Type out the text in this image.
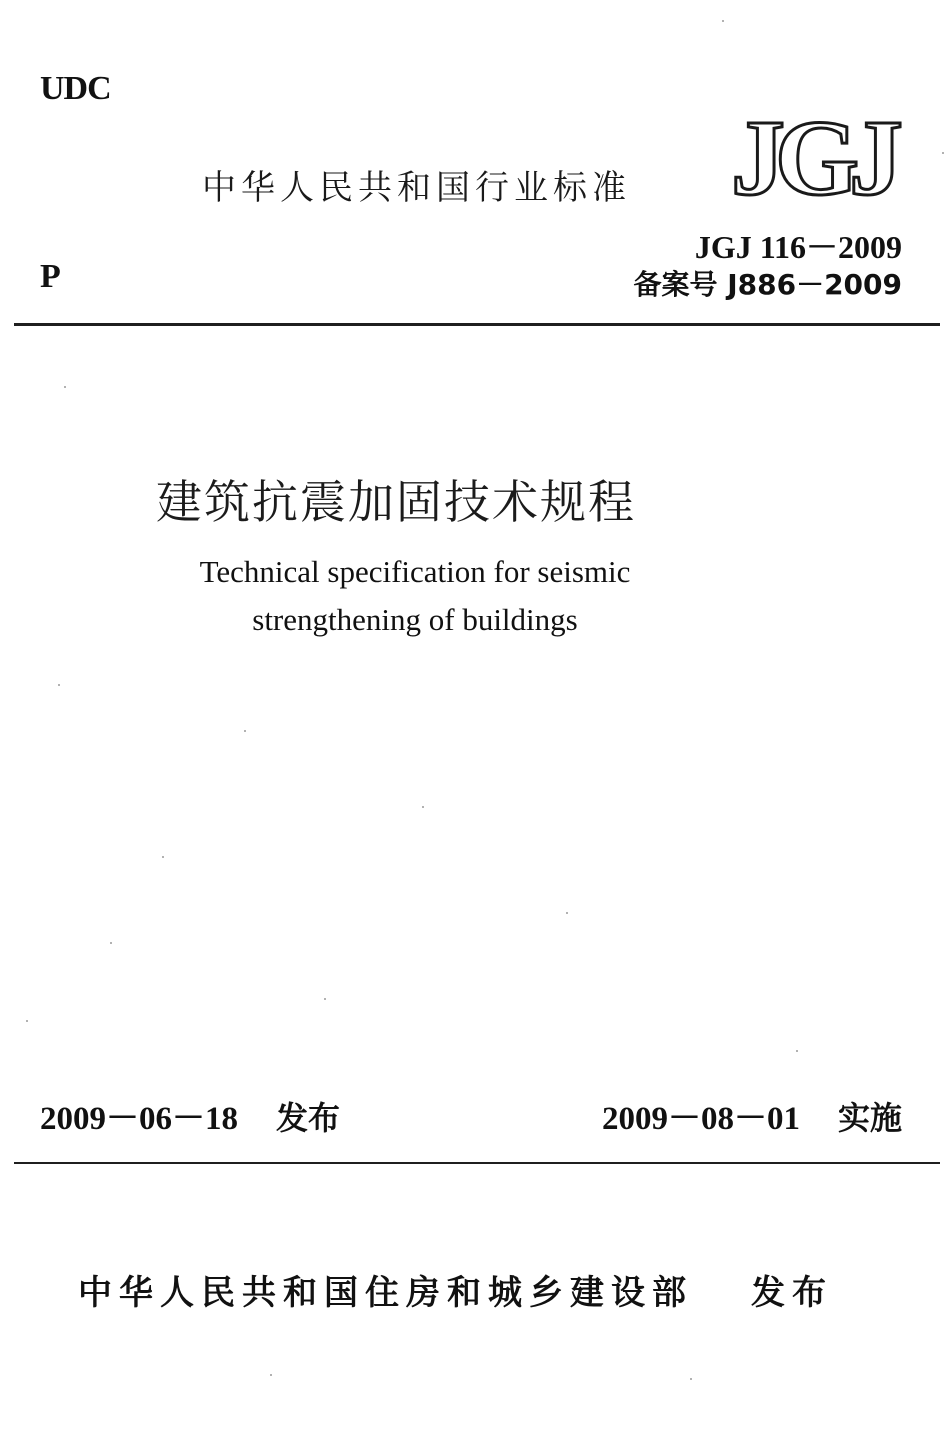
UDC
中华人民共和国行业标准 JGJ
P
JGJ 116－2009
备案号 J886－2009
建筑抗震加固技术规程
Technical specification for seismic
strengthening of buildings
2009－06－18 发布	2009－08－01 实施
中华人民共和国住房和城乡建设部 发布
